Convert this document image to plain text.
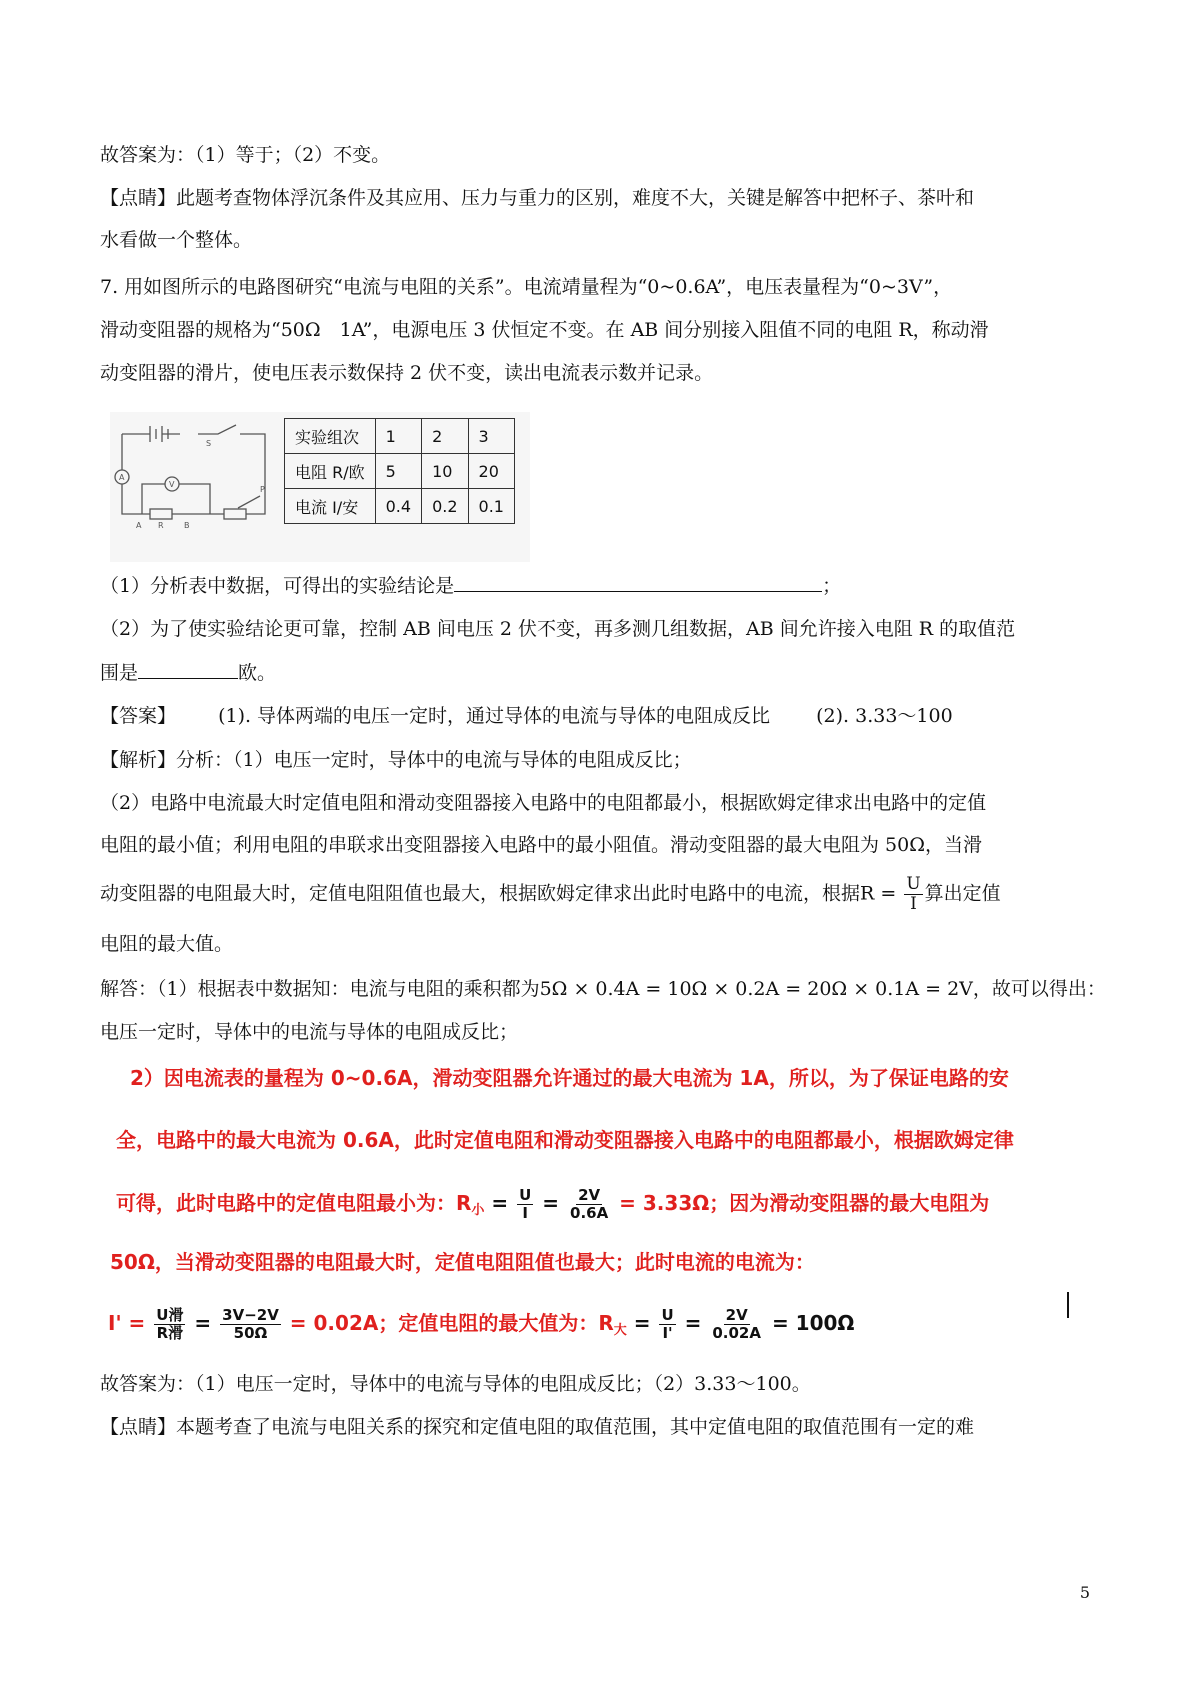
故答案为：（1）等于；（2）不变。
【点睛】此题考查物体浮沉条件及其应用、压力与重力的区别，难度不大，关键是解答中把杯子、茶叶和
水看做一个整体。
7. 用如图所示的电路图研究“电流与电阻的关系”。电流靖量程为“0~0.6A”，电压表量程为“0~3V”，
滑动变阻器的规格为“50Ω　1A”，电源电压 3 伏恒定不变。在 AB 间分别接入阻值不同的电阻 R，称动滑
动变阻器的滑片，使电压表示数保持 2 伏不变，读出电流表示数并记录。
A
V
S
P
A R	B
实验组次	1	2	3
电阻 R/欧	5	10	20
电流 I/安	0.4	0.2	0.1
（1）分析表中数据，可得出的实验结论是	；
（2）为了使实验结论更可靠，控制 AB 间电压 2 伏不变，再多测几组数据，AB 间允许接入电阻 R 的取值范
围是	欧。
【答案】 (1). 导体两端的电压一定时，通过导体的电流与导体的电阻成反比 (2). 3.33～100
【解析】分析：（1）电压一定时，导体中的电流与导体的电阻成反比；
（2）电路中电流最大时定值电阻和滑动变阻器接入电路中的电阻都最小，根据欧姆定律求出电路中的定值
电阻的最小值；利用电阻的串联求出变阻器接入电路中的最小阻值。滑动变阻器的最大电阻为 50Ω，当滑
动变阻器的电阻最大时，定值电阻阻值也最大，根据欧姆定律求出此时电路中的电流，根据$R = \frac{U}{I}$ 算出定值
电阻的最大值。
解答：（1）根据表中数据知：电流与电阻的乘积都为5Ω × 0.4A = 10Ω × 0.2A = 20Ω × 0.1A = 2V，故可以得出：
电压一定时，导体中的电流与导体的电阻成反比；
2）因电流表的量程为 0~0.6A，滑动变阻器允许通过的最大电流为 1A，所以，为了保证电路的安
全，电路中的最大电流为 0.6A，此时定值电阻和滑动变阻器接入电路中的电阻都最小，根据欧姆定律
可得，此时电路中的定值电阻最小为：$R_小 = \frac{U}{I} = \frac{2V}{0.6A} = 3.33\Omega$；因为滑动变阻器的最大电阻为
50Ω，当滑动变阻器的电阻最大时，定值电阻阻值也最大；此时电流的电流为：
$I' = \frac{\text{U滑}}{\text{R滑}} = \frac{3V-2V}{50\Omega} = 0.02A$；定值电阻的最大值为：$R_大 = \frac{U}{I'} = \frac{2V}{0.02A} = 100\Omega$
故答案为：（1）电压一定时，导体中的电流与导体的电阻成反比；（2）3.33～100。
【点睛】本题考查了电流与电阻关系的探究和定值电阻的取值范围，其中定值电阻的取值范围有一定的难
5
